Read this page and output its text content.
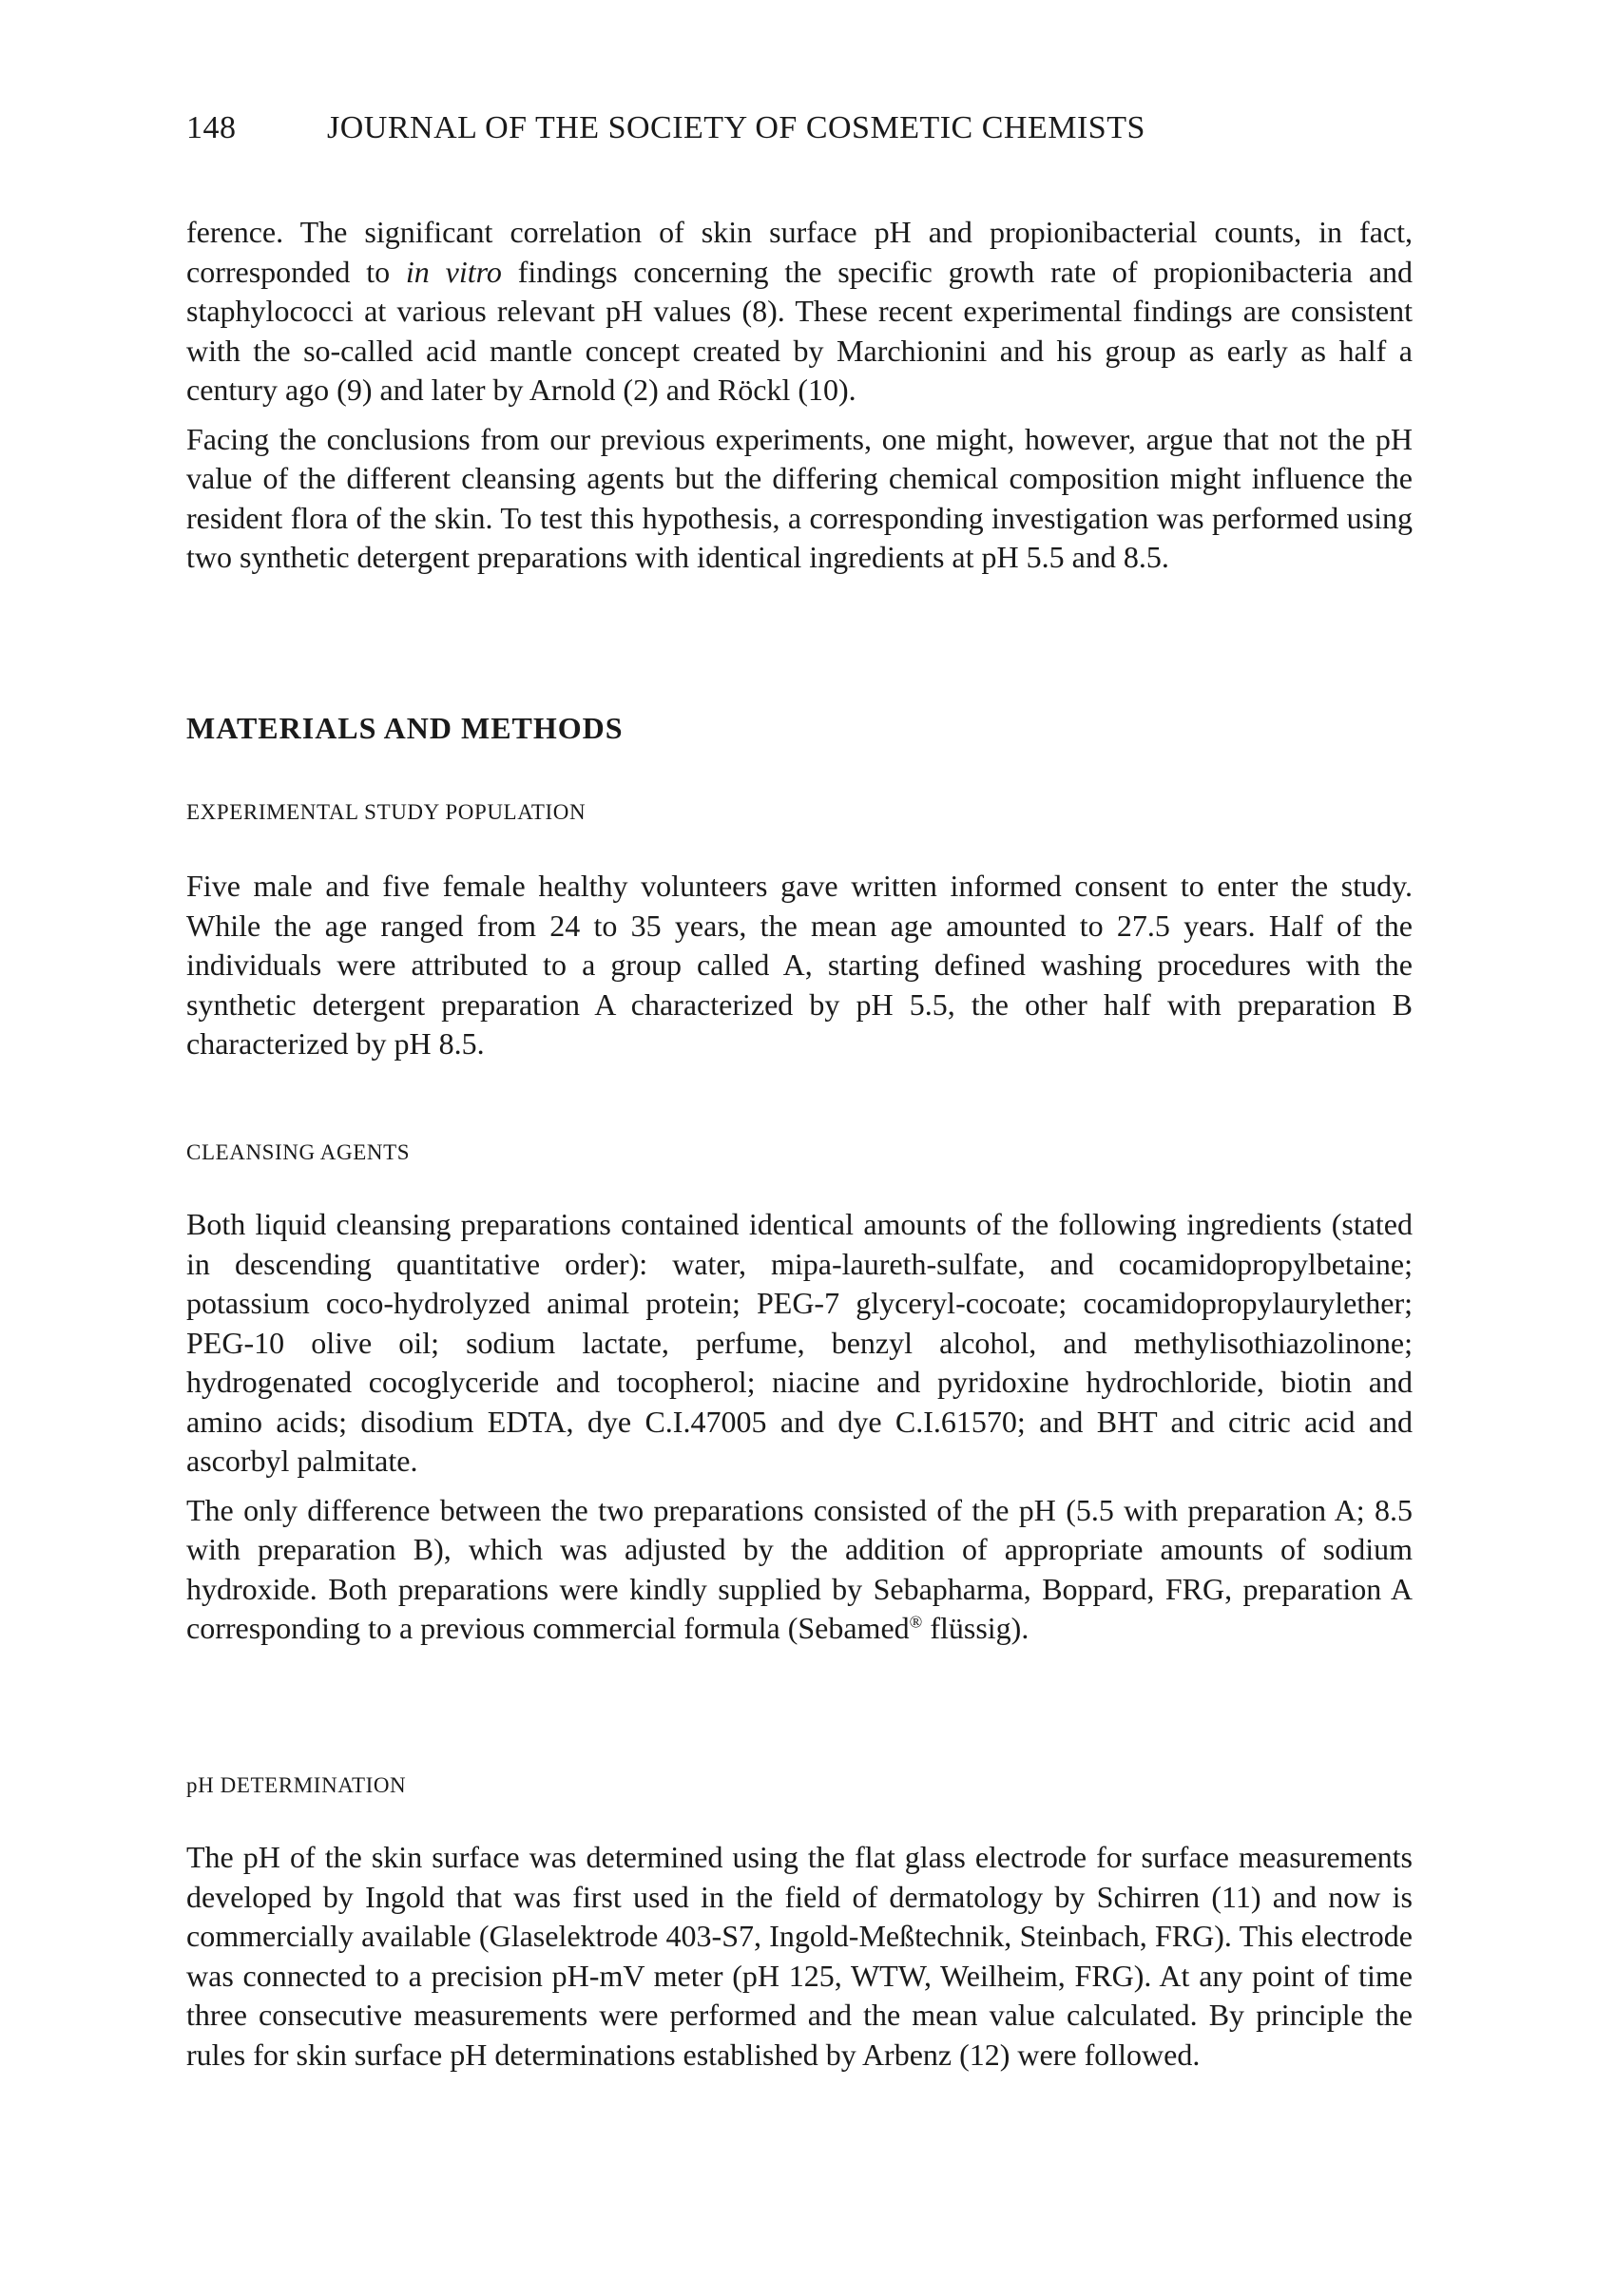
148	JOURNAL OF THE SOCIETY OF COSMETIC CHEMISTS

ference. The significant correlation of skin surface pH and propionibacterial counts, in fact, corresponded to in vitro findings concerning the specific growth rate of propionibacteria and staphylococci at various relevant pH values (8). These recent experimental findings are consistent with the so-called acid mantle concept created by Marchionini and his group as early as half a century ago (9) and later by Arnold (2) and Röckl (10).

Facing the conclusions from our previous experiments, one might, however, argue that not the pH value of the different cleansing agents but the differing chemical composition might influence the resident flora of the skin. To test this hypothesis, a corresponding investigation was performed using two synthetic detergent preparations with identical ingredients at pH 5.5 and 8.5.

MATERIALS AND METHODS
EXPERIMENTAL STUDY POPULATION

Five male and five female healthy volunteers gave written informed consent to enter the study. While the age ranged from 24 to 35 years, the mean age amounted to 27.5 years. Half of the individuals were attributed to a group called A, starting defined washing procedures with the synthetic detergent preparation A characterized by pH 5.5, the other half with preparation B characterized by pH 8.5.

CLEANSING AGENTS

Both liquid cleansing preparations contained identical amounts of the following ingredients (stated in descending quantitative order): water, mipa-laureth-sulfate, and cocamidopropylbetaine; potassium coco-hydrolyzed animal protein; PEG-7 glyceryl-cocoate; cocamidopropylaurylether; PEG-10 olive oil; sodium lactate, perfume, benzyl alcohol, and methylisothiazolinone; hydrogenated cocoglyceride and tocopherol; niacine and pyridoxine hydrochloride, biotin and amino acids; disodium EDTA, dye C.I.47005 and dye C.I.61570; and BHT and citric acid and ascorbyl palmitate.

The only difference between the two preparations consisted of the pH (5.5 with preparation A; 8.5 with preparation B), which was adjusted by the addition of appropriate amounts of sodium hydroxide. Both preparations were kindly supplied by Sebapharma, Boppard, FRG, preparation A corresponding to a previous commercial formula (Sebamed® flüssig).

pH DETERMINATION

The pH of the skin surface was determined using the flat glass electrode for surface measurements developed by Ingold that was first used in the field of dermatology by Schirren (11) and now is commercially available (Glaselektrode 403-S7, Ingold-Meßtechnik, Steinbach, FRG). This electrode was connected to a precision pH-mV meter (pH 125, WTW, Weilheim, FRG). At any point of time three consecutive measurements were performed and the mean value calculated. By principle the rules for skin surface pH determinations established by Arbenz (12) were followed.
